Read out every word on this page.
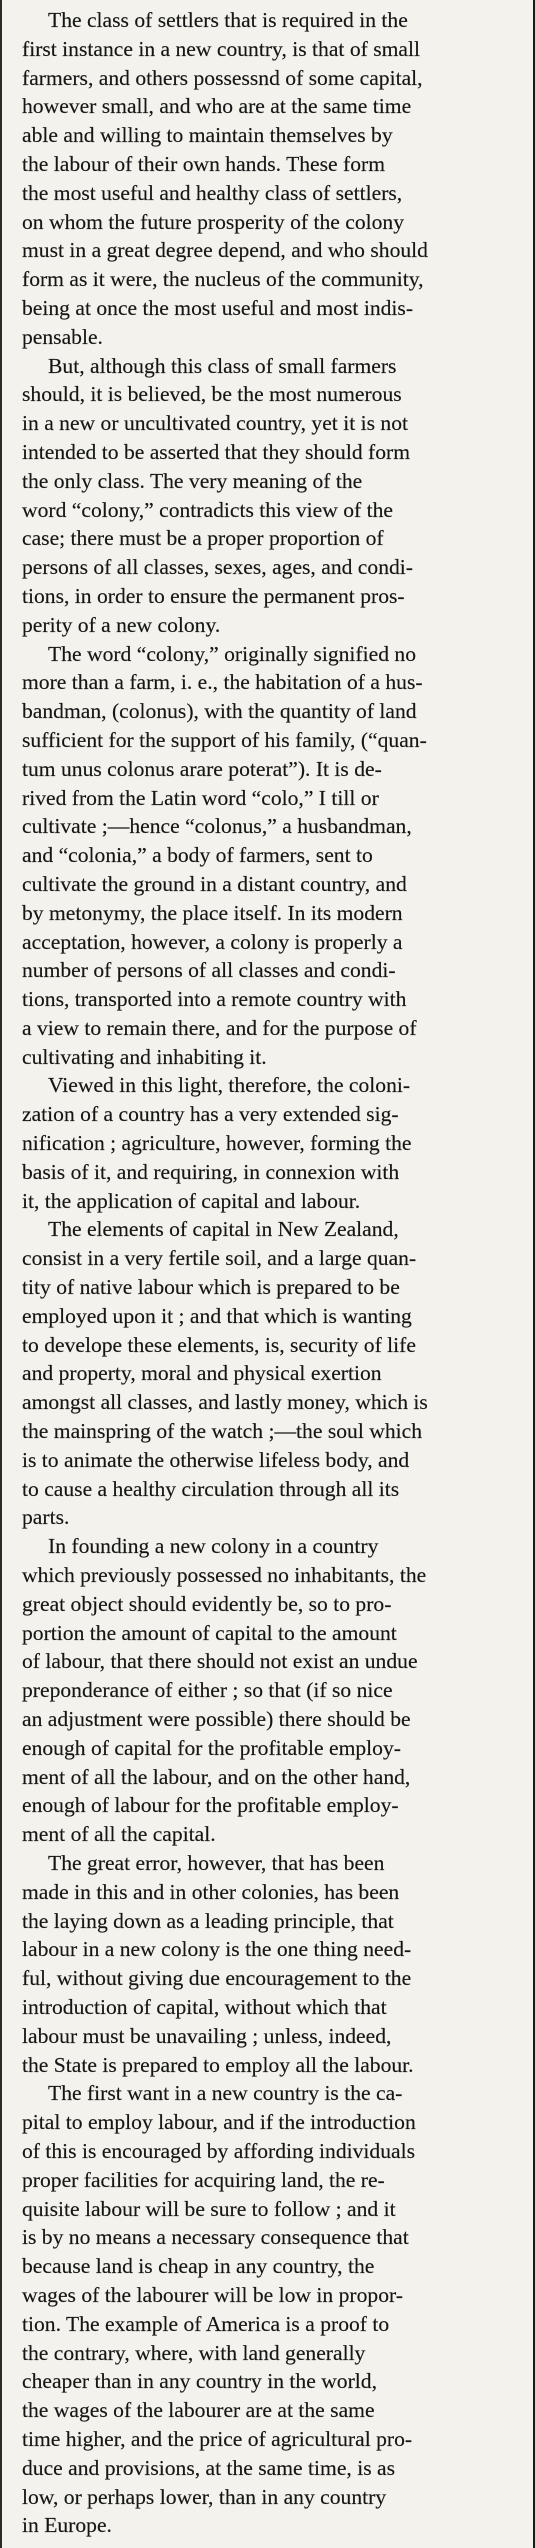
The class of settlers that is required in the
first instance in a new country, is that of small
farmers, and others possessnd of some capital,
however small, and who are at the same time
able and willing to maintain themselves by
the labour of their own hands. These form
the most useful and healthy class of settlers,
on whom the future prosperity of the colony
must in a great degree depend, and who should
form as it were, the nucleus of the community,
being at once the most useful and most indis-
pensable.

But, although this class of small farmers
should, it is believed, be the most numerous
in a new or uncultivated country, yet it is not
intended to be asserted that they should form
the only class. The very meaning of the
word “colony,” contradicts this view of the
case; there must be a proper proportion of
persons of all classes, sexes, ages, and condi-
tions, in order to ensure the permanent pros-
perity of a new colony.

The word “colony,” originally signified no
more than a farm, i. e., the habitation of a hus-
bandman, (colonus), with the quantity of land
sufficient for the support of his family, (“quan-
tum unus colonus arare poterat”). It is de-
rived from the Latin word “colo,” I till or
cultivate ;—hence “colonus,” a husbandman,
and “colonia,” a body of farmers, sent to
cultivate the ground in a distant country, and
by metonymy, the place itself. In its modern
acceptation, however, a colony is properly a
number of persons of all classes and condi-
tions, transported into a remote country with
a view to remain there, and for the purpose of
cultivating and inhabiting it.

Viewed in this light, therefore, the coloni-
zation of a country has a very extended sig-
nification ; agriculture, however, forming the
basis of it, and requiring, in connexion with
it, the application of capital and labour.

The elements of capital in New Zealand,
consist in a very fertile soil, and a large quan-
tity of native labour which is prepared to be
employed upon it ; and that which is wanting
to develope these elements, is, security of life
and property, moral and physical exertion
amongst all classes, and lastly money, which is
the mainspring of the watch ;—the soul which
is to animate the otherwise lifeless body, and
to cause a healthy circulation through all its
parts.

In founding a new colony in a country
which previously possessed no inhabitants, the
great object should evidently be, so to pro-
portion the amount of capital to the amount
of labour, that there should not exist an undue
preponderance of either ; so that (if so nice
an adjustment were possible) there should be
enough of capital for the profitable employ-
ment of all the labour, and on the other hand,
enough of labour for the profitable employ-
ment of all the capital.

The great error, however, that has been
made in this and in other colonies, has been
the laying down as a leading principle, that
labour in a new colony is the one thing need-
ful, without giving due encouragement to the
introduction of capital, without which that
labour must be unavailing ; unless, indeed,
the State is prepared to employ all the labour.

The first want in a new country is the ca-
pital to employ labour, and if the introduction
of this is encouraged by affording individuals
proper facilities for acquiring land, the re-
quisite labour will be sure to follow ; and it
is by no means a necessary consequence that
because land is cheap in any country, the
wages of the labourer will be low in propor-
tion. The example of America is a proof to
the contrary, where, with land generally
cheaper than in any country in the world,
the wages of the labourer are at the same
time higher, and the price of agricultural pro-
duce and provisions, at the same time, is as
low, or perhaps lower, than in any country
in Europe.
